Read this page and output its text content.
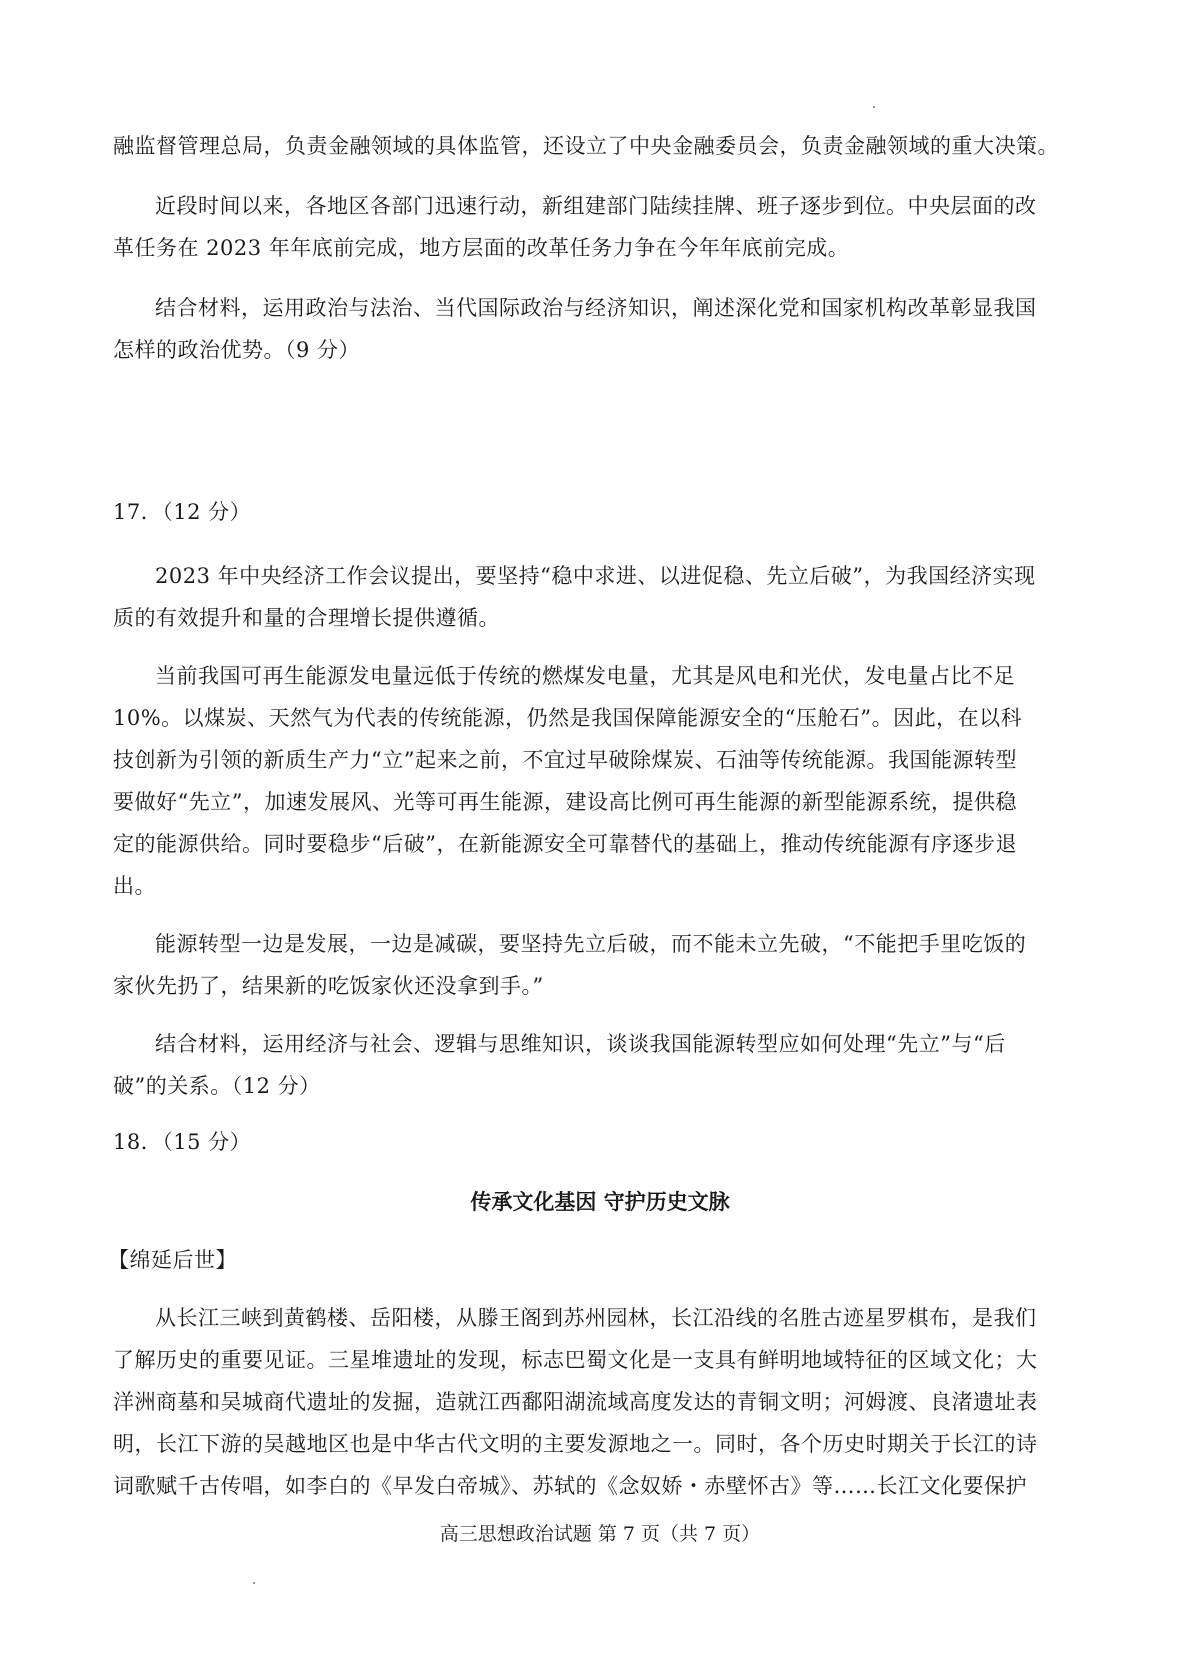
融监督管理总局，负责金融领域的具体监管，还设立了中央金融委员会，负责金融领域的重大决策。
近段时间以来，各地区各部门迅速行动，新组建部门陆续挂牌、班子逐步到位。中央层面的改
革任务在 2023 年年底前完成，地方层面的改革任务力争在今年年底前完成。
结合材料，运用政治与法治、当代国际政治与经济知识，阐述深化党和国家机构改革彰显我国
怎样的政治优势。（9 分）
17．（12 分）
2023 年中央经济工作会议提出，要坚持“稳中求进、以进促稳、先立后破”，为我国经济实现
质的有效提升和量的合理增长提供遵循。
当前我国可再生能源发电量远低于传统的燃煤发电量，尤其是风电和光伏，发电量占比不足
10%。以煤炭、天然气为代表的传统能源，仍然是我国保障能源安全的“压舱石”。因此，在以科
技创新为引领的新质生产力“立”起来之前，不宜过早破除煤炭、石油等传统能源。我国能源转型
要做好“先立”，加速发展风、光等可再生能源，建设高比例可再生能源的新型能源系统，提供稳
定的能源供给。同时要稳步“后破”，在新能源安全可靠替代的基础上，推动传统能源有序逐步退
出。
能源转型一边是发展，一边是减碳，要坚持先立后破，而不能未立先破，“不能把手里吃饭的
家伙先扔了，结果新的吃饭家伙还没拿到手。”
结合材料，运用经济与社会、逻辑与思维知识，谈谈我国能源转型应如何处理“先立”与“后
破”的关系。（12 分）
18．（15 分）
传承文化基因 守护历史文脉
【绵延后世】
从长江三峡到黄鹤楼、岳阳楼，从滕王阁到苏州园林，长江沿线的名胜古迹星罗棋布，是我们
了解历史的重要见证。三星堆遗址的发现，标志巴蜀文化是一支具有鲜明地域特征的区域文化；大
洋洲商墓和吴城商代遗址的发掘，造就江西鄱阳湖流域高度发达的青铜文明；河姆渡、良渚遗址表
明，长江下游的吴越地区也是中华古代文明的主要发源地之一。同时，各个历史时期关于长江的诗
词歌赋千古传唱，如李白的《早发白帝城》、苏轼的《念奴娇・赤壁怀古》等……长江文化要保护
高三思想政治试题 第 7 页（共 7 页）
